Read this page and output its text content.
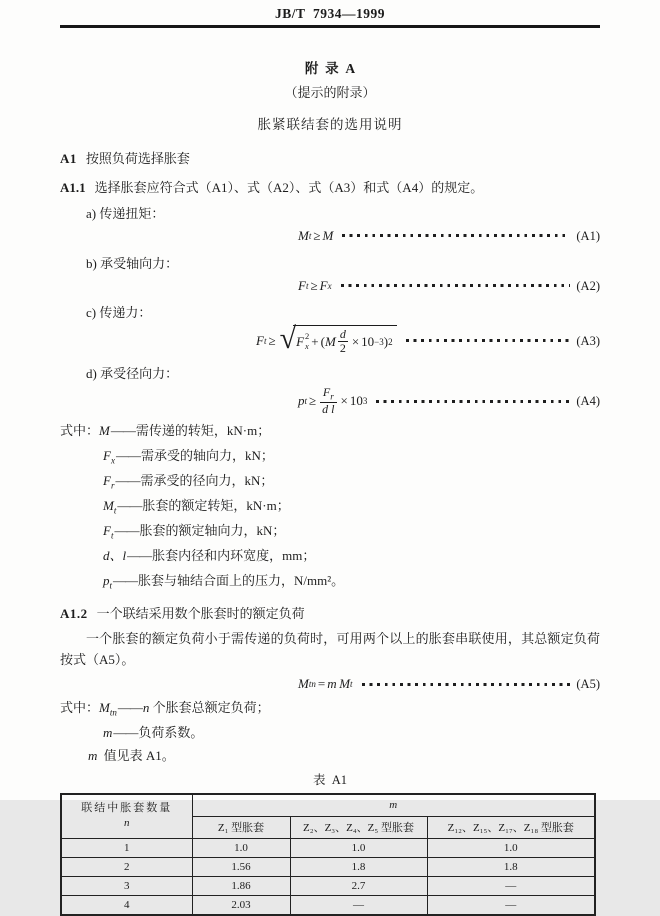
JB/T  7934—1999
附  录  A
（提示的附录）
胀紧联结套的选用说明
A1 按照负荷选择胀套
A1.1 选择胀套应符合式（A1）、式（A2）、式（A3）和式（A4）的规定。
a) 传递扭矩：
M t ≥ M	(A1)
b) 承受轴向力：
F t ≥ F x	(A2)
c) 传递力：
F t ≥ √ F 2
x + ( M $\frac{d}{2} \times 10 -3$ ) 2	(A3)
d) 承受径向力：
p $t \ge \frac{F_r}{\text{d l}} \times 10$ 3	(A4)
式中：M——需传递的转矩，kN·m；
$F_x——$需承受的轴向力，kN；
$F_r——$需承受的径向力，kN；
$M_t——$胀套的额定转矩，kN·m；
$F_t——$胀套的额定轴向力，kN；
d、l——胀套内径和内环宽度，mm；
$p_t——$胀套与轴结合面上的压力，N/mm²。
A1.2 一个联结采用数个胀套时的额定负荷

一个胀套的额定负荷小于需传递的负荷时，可用两个以上的胀套串联使用，其总额定负荷按式（A5）。

M tn = m
  M t	(A5)
式中：$M_{tn}——n$ 个胀套总额定负荷；
m——负荷系数。
m 值见表 A1。
表  A1
联结中胀套数量
n	m		
	Z₁ 型胀套	Z₂、Z₃、Z₄、Z₅ 型胀套	Z₁₂、Z₁₅、Z₁₇、Z₁₈ 型胀套
1	1.0	1.0	1.0
2	1.56	1.8	1.8
3	1.86	2.7	—
4	2.03	—	—
